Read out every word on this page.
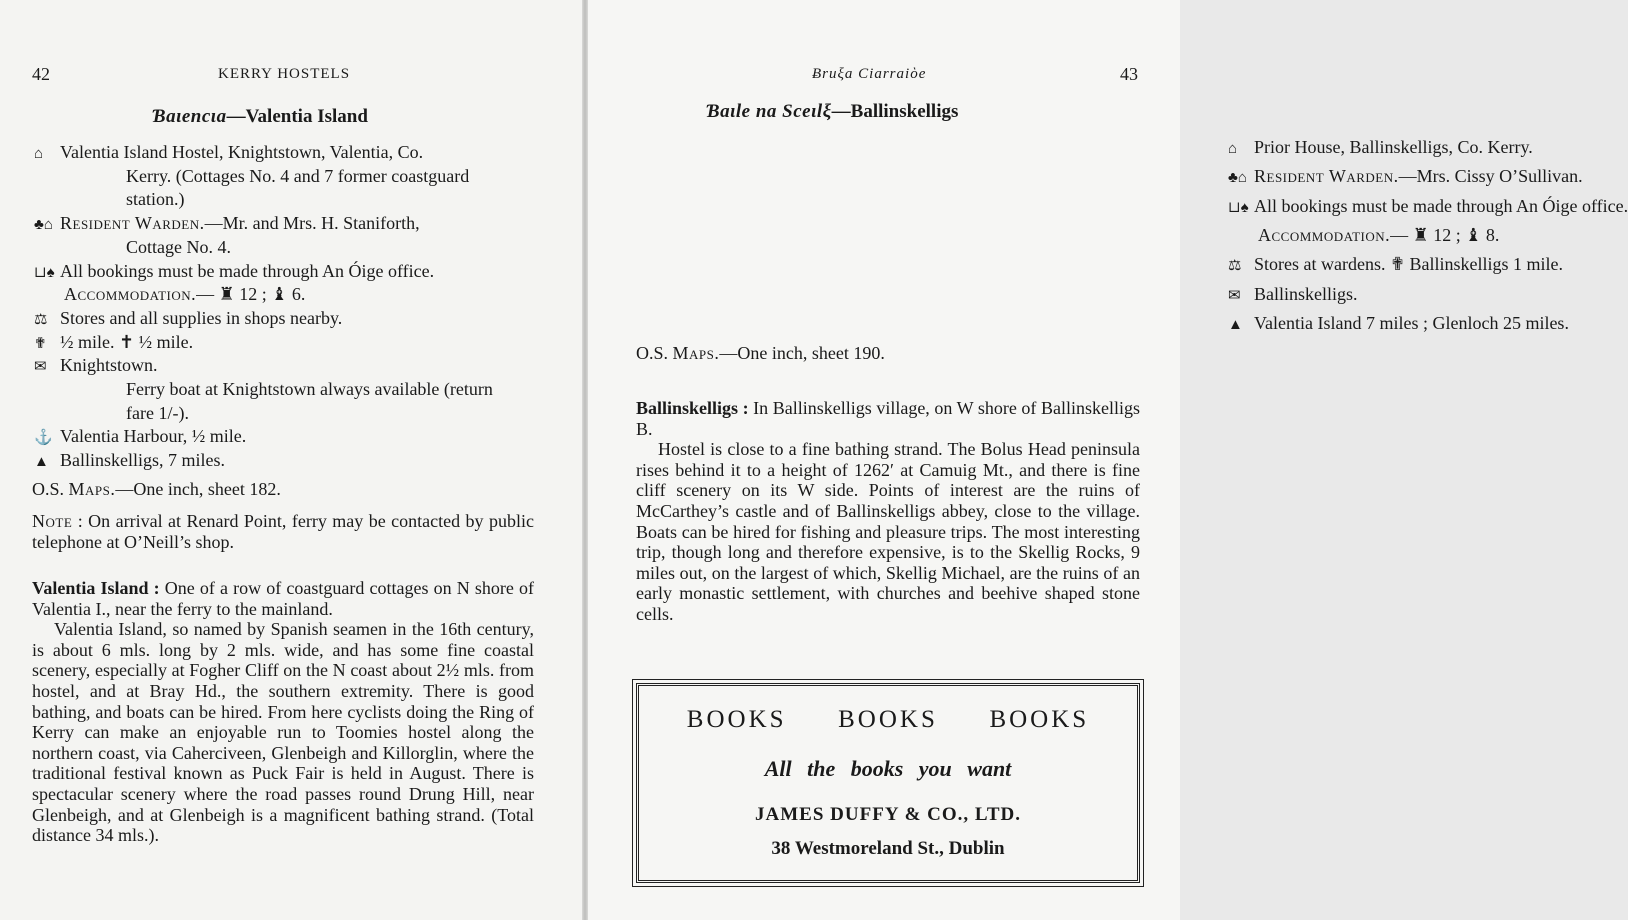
42	KERRY HOSTELS
Ɓaιencιa—Valentia Island
⌂ Valentia Island Hostel, Knightstown, Valentia, Co.
Kerry. (Cottages No. 4 and 7 former coastguard
station.)
♣⌂ Resident Warden.—Mr. and Mrs. H. Staniforth,
Cottage No. 4.
⊔♠ All bookings must be made through An Óige office.
Accommodation.— ♜ 12 ; ♝ 6.
⚖ Stores and all supplies in shops nearby.
✟ ½ mile. ✝ ½ mile.
✉ Knightstown.
Ferry boat at Knightstown always available (return
fare 1/-).
⚓ Valentia Harbour, ½ mile.
▲ Ballinskelligs, 7 miles.
O.S. Maps.—One inch, sheet 182.

Note : On arrival at Renard Point, ferry may be contacted by public telephone at O’Neill’s shop.

Valentia Island : One of a row of coastguard cottages on N shore of Valentia I., near the ferry to the mainland.

Valentia Island, so named by Spanish seamen in the 16th century, is about 6 mls. long by 2 mls. wide, and has some fine coastal scenery, especially at Fogher Cliff on the N coast about 2½ mls. from hostel, and at Bray Hd., the southern extremity. There is good bathing, and boats can be hired. From here cyclists doing the Ring of Kerry can make an enjoyable run to Toomies hostel along the northern coast, via Caherciveen, Glenbeigh and Killorglin, where the traditional festival known as Puck Fair is held in August. There is spectacular scenery where the road passes round Drung Hill, near Glenbeigh, and at Glenbeigh is a magnificent bathing strand. (Total distance 34 mls.).

Ƀruξa Ciarraiὸe	43
Ɓaιle na Sceιlξ—Ballinskelligs
⌂ Prior House, Ballinskelligs, Co. Kerry.
♣⌂ Resident Warden.—Mrs. Cissy O’Sullivan.
⊔♠ All bookings must be made through An Óige office.
Accommodation.— ♜ 12 ; ♝ 8.
⚖ Stores at wardens. ✟ Ballinskelligs 1 mile.
✉ Ballinskelligs.
▲ Valentia Island 7 miles ; Glenloch 25 miles.
O.S. Maps.—One inch, sheet 190.

Ballinskelligs : In Ballinskelligs village, on W shore of Ballinskelligs B.

Hostel is close to a fine bathing strand. The Bolus Head peninsula rises behind it to a height of 1262′ at Camuig Mt., and there is fine cliff scenery on its W side. Points of interest are the ruins of McCarthey’s castle and of Ballinskelligs abbey, close to the village. Boats can be hired for fishing and pleasure trips. The most interesting trip, though long and therefore expensive, is to the Skellig Rocks, 9 miles out, on the largest of which, Skellig Michael, are the ruins of an early monastic settlement, with churches and beehive shaped stone cells.

BOOKS BOOKS BOOKS
All the books you want
JAMES DUFFY & CO., LTD.
38 Westmoreland St., Dublin
